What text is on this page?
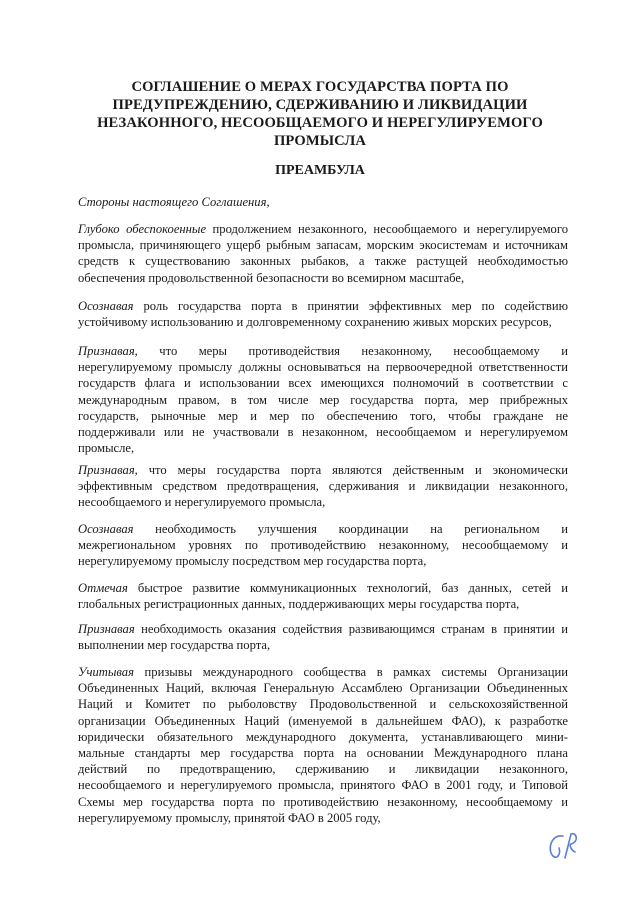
СОГЛАШЕНИЕ О МЕРАХ ГОСУДАРСТВА ПОРТА ПО
ПРЕДУПРЕЖДЕНИЮ, СДЕРЖИВАНИЮ И ЛИКВИДАЦИИ
НЕЗАКОННОГО, НЕСООБЩАЕМОГО И НЕРЕГУЛИРУЕМОГО
ПРОМЫСЛА
ПРЕАМБУЛА
Стороны настоящего Соглашения,
Глубоко обеспокоенные продолжением незаконного, несообщаемого и нерегулируемого
промысла, причиняющего ущерб рыбным запасам, морским экосистемам и источникам
средств к существованию законных рыбаков, а также растущей необходимостью
обеспечения продовольственной безопасности во всемирном масштабе,
Осознавая роль государства порта в принятии эффективных мер по содействию
устойчивому использованию и долговременному сохранению живых морских ресурсов,
Признавая, что меры противодействия незаконному, несообщаемому и
нерегулируемому промыслу должны основываться на первоочередной ответственности
государств флага и использовании всех имеющихся полномочий в соответствии с
международным правом, в том числе мер государства порта, мер прибрежных
государств, рыночные мер и мер по обеспечению того, чтобы граждане не
поддерживали или не участвовали в незаконном, несообщаемом и нерегулируемом
промысле,
Признавая, что меры государства порта являются действенным и экономически
эффективным средством предотвращения, сдерживания и ликвидации незаконного,
несообщаемого и нерегулируемого промысла,
Осознавая необходимость улучшения координации на региональном и
межрегиональном уровнях по противодействию незаконному, несообщаемому и
нерегулируемому промыслу посредством мер государства порта,
Отмечая быстрое развитие коммуникационных технологий, баз данных, сетей и
глобальных регистрационных данных, поддерживающих меры государства порта,
Признавая необходимость оказания содействия развивающимся странам в принятии и
выполнении мер государства порта,
Учитывая призывы международного сообщества в рамках системы Организации
Объединенных Наций, включая Генеральную Ассамблею Организации Объединенных
Наций и Комитет по рыболовству Продовольственной и сельскохозяйственной
организации Объединенных Наций (именуемой в дальнейшем ФАО), к разработке
юридически обязательного международного документа, устанавливающего мини-
мальные стандарты мер государства порта на основании Международного плана
действий по предотвращению, сдерживанию и ликвидации незаконного,
несообщаемого и нерегулируемого промысла, принятого ФАО в 2001 году, и Типовой
Схемы мер государства порта по противодействию незаконному, несообщаемому и
нерегулируемому промыслу, принятой ФАО в 2005 году,
